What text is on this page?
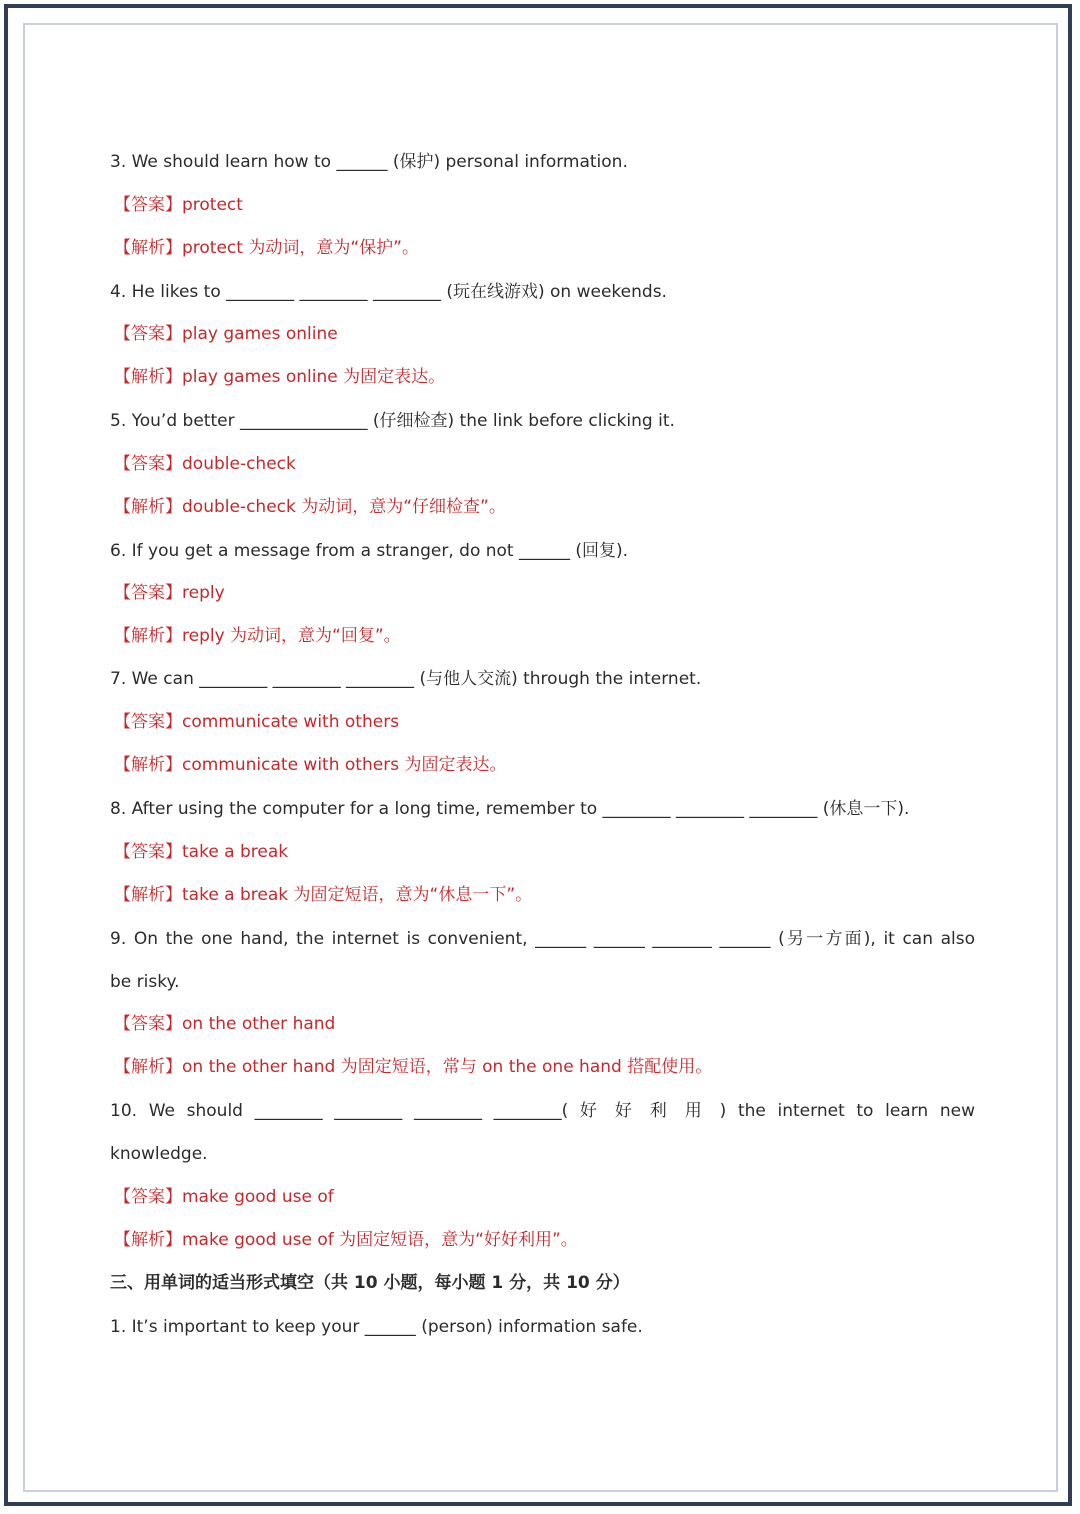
3. We should learn how to ______ (保护) personal information.
【答案】protect
【解析】protect 为动词，意为“保护”。
4. He likes to ________ ________ ________ (玩在线游戏) on weekends.
【答案】play games online
【解析】play games online 为固定表达。
5. You’d better _______________ (仔细检查) the link before clicking it.
【答案】double-check
【解析】double-check 为动词，意为“仔细检查”。
6. If you get a message from a stranger, do not ______ (回复).
【答案】reply
【解析】reply 为动词，意为“回复”。
7. We can ________ ________ ________ (与他人交流) through the internet.
【答案】communicate with others
【解析】communicate with others 为固定表达。
8. After using the computer for a long time, remember to ________ ________ ________ (休息一下).
【答案】take a break
【解析】take a break 为固定短语，意为“休息一下”。
9. On the one hand, the internet is convenient, ______ ______ _______ ______ (另一方面), it can also
be risky.
【答案】on the other hand
【解析】on the other hand 为固定短语，常与 on the one hand 搭配使用。
10. We should ________ ________ ________ ________( 好 好 利 用 ) the internet to learn new
knowledge.
【答案】make good use of
【解析】make good use of 为固定短语，意为“好好利用”。
三、用单词的适当形式填空（共 10 小题，每小题 1 分，共 10 分）
1. It’s important to keep your ______ (person) information safe.
